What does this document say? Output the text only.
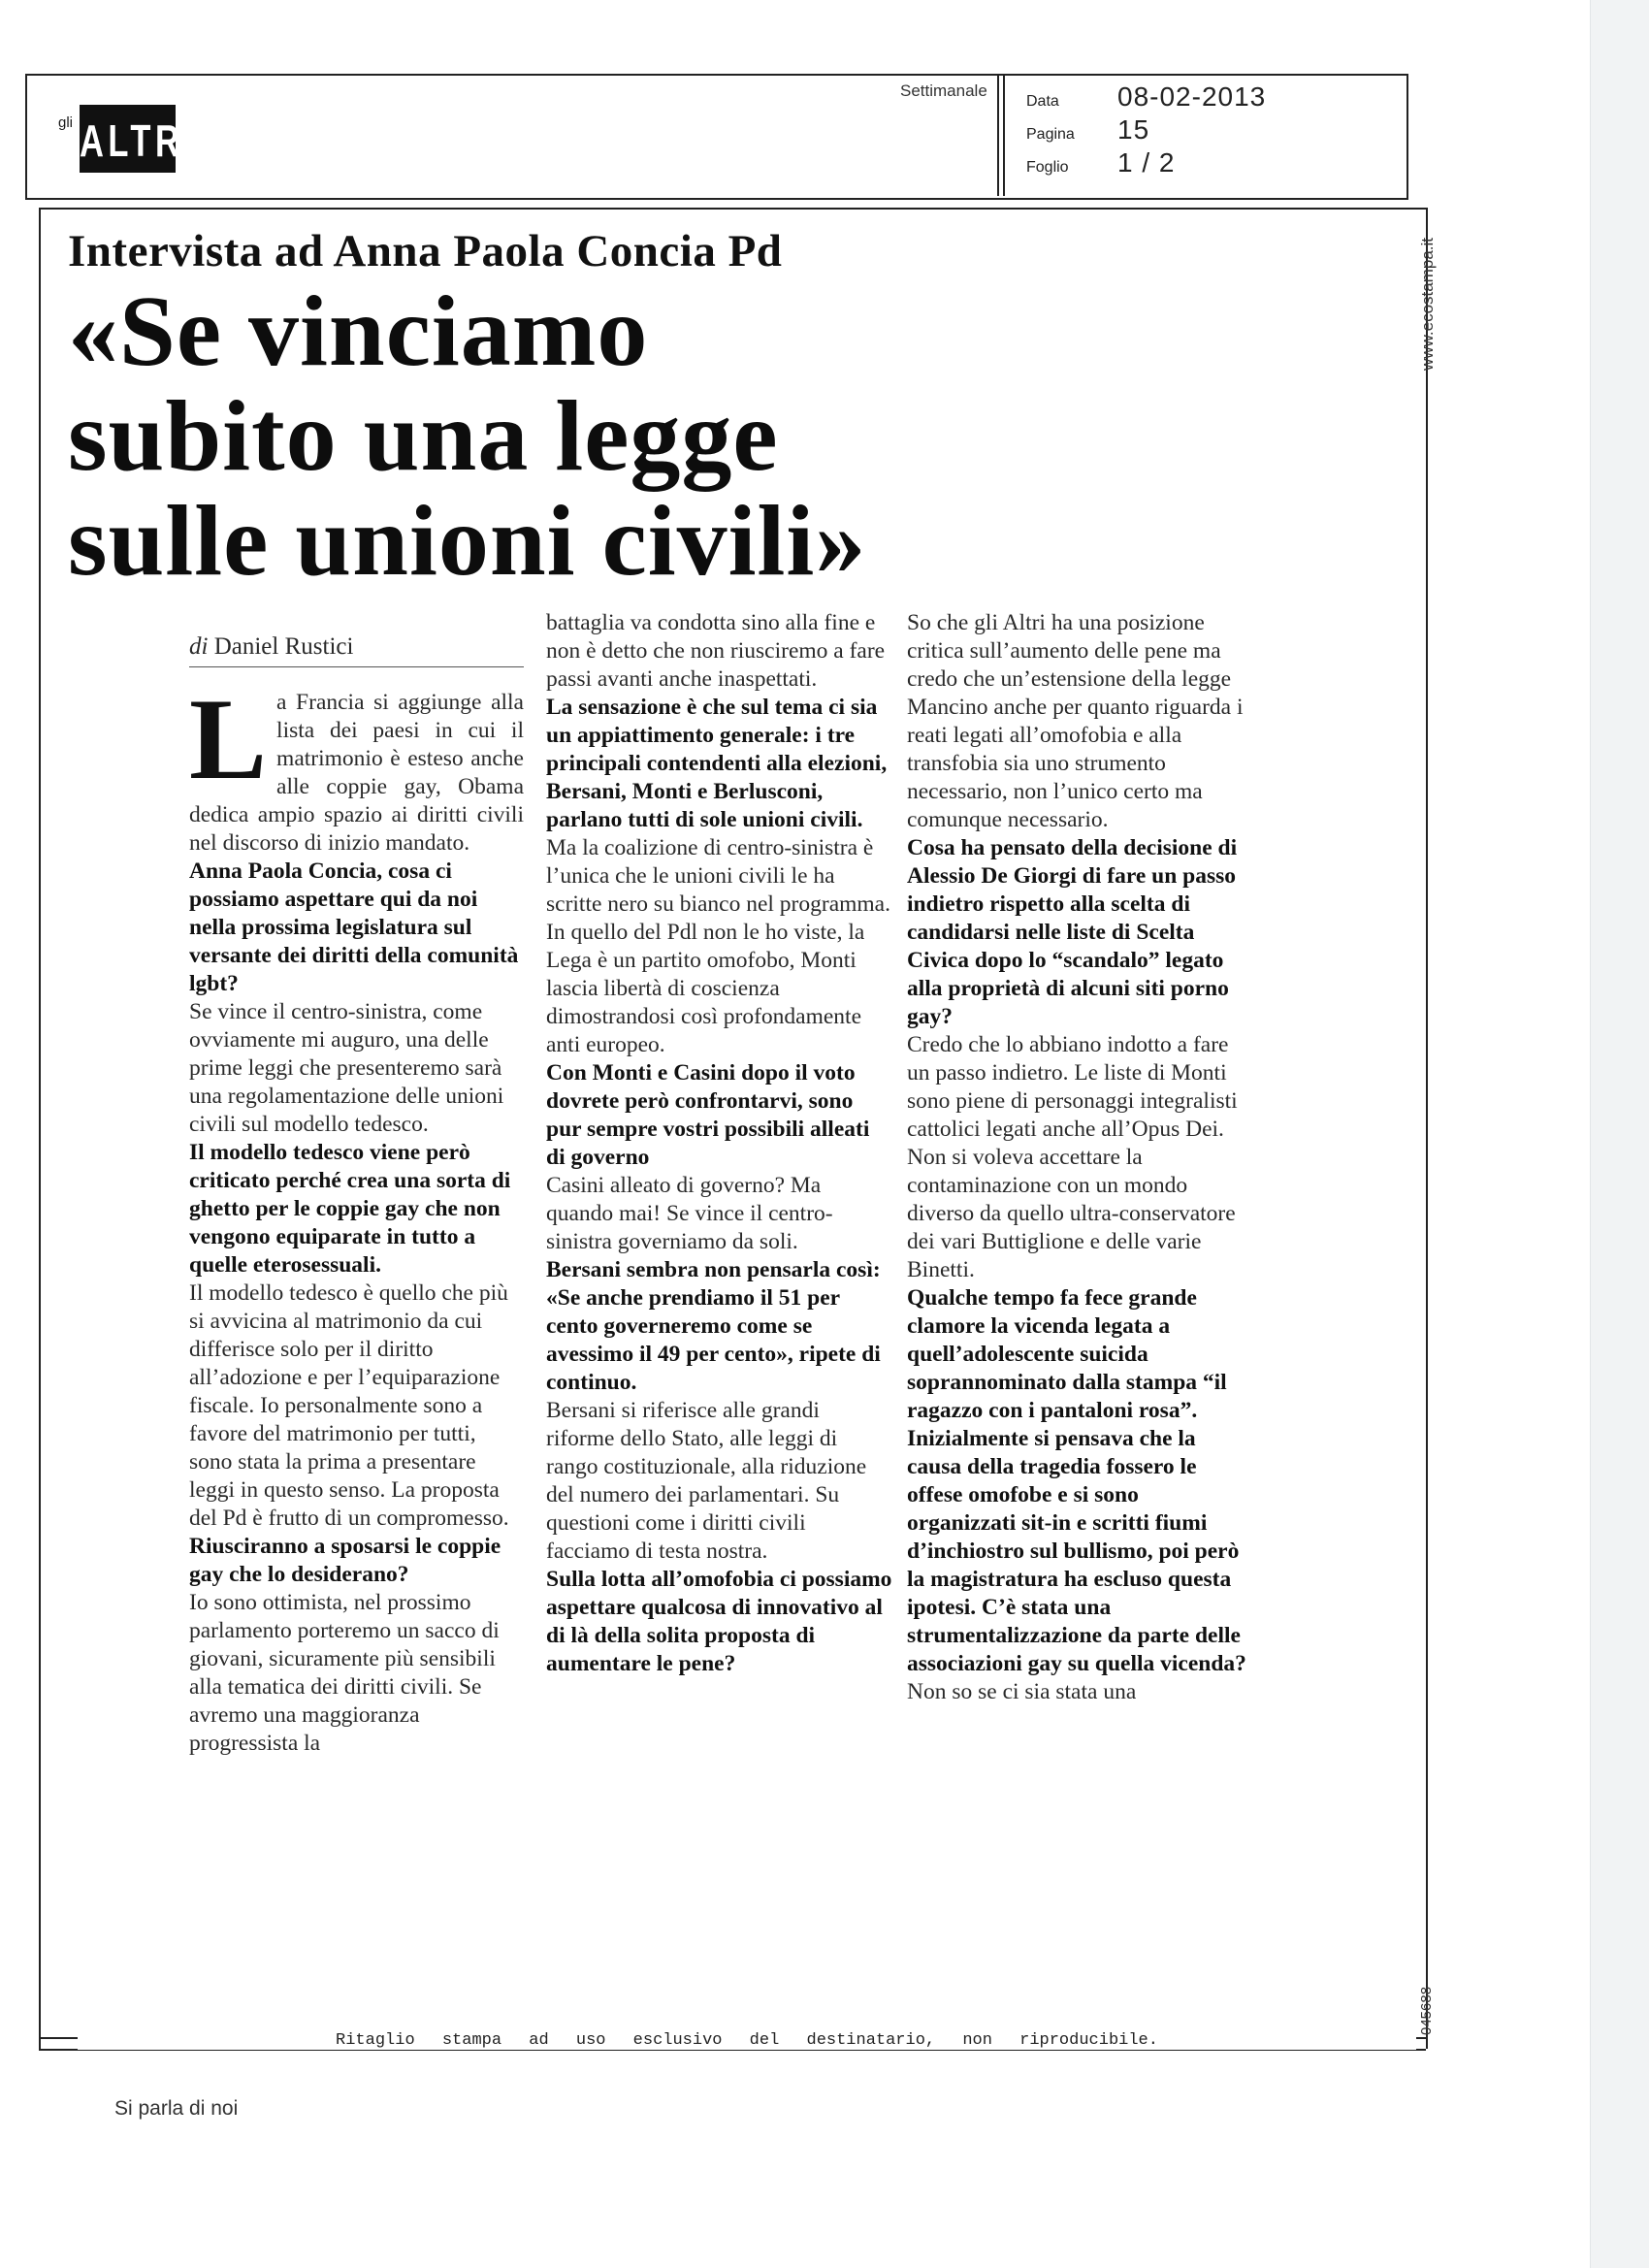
gli ALTRI
Settimanale
Data	08-02-2013
Pagina	15
Foglio	1 / 2
www.ecostampa.it
045688
Intervista ad Anna Paola Concia Pd
«Se vinciamo
subito una legge
sulle unioni civili»
di Daniel Rustici
L a Francia si aggiunge alla lista dei paesi in cui il matrimonio è esteso anche alle coppie gay, Obama dedica ampio spazio ai diritti civili nel discorso di inizio mandato.

Anna Paola Concia, cosa ci possiamo aspettare qui da noi nella prossima legislatura sul versante dei diritti della comunità lgbt?

Se vince il centro-sinistra, come ovviamente mi auguro, una delle prime leggi che presenteremo sarà una regolamentazione delle unioni civili sul modello tedesco.

Il modello tedesco viene però criticato perché crea una sorta di ghetto per le coppie gay che non vengono equiparate in tutto a quelle eterosessuali.

Il modello tedesco è quello che più si avvicina al matrimonio da cui differisce solo per il diritto all’adozione e per l’equiparazione fiscale. Io personalmente sono a favore del matrimonio per tutti, sono stata la prima a presentare leggi in questo senso. La proposta del Pd è frutto di un compromesso.

Riusciranno a sposarsi le coppie gay che lo desiderano?

Io sono ottimista, nel prossimo parlamento porteremo un sacco di giovani, sicuramente più sensibili alla tematica dei diritti civili. Se avremo una maggioranza progressista la

battaglia va condotta sino alla fine e non è detto che non riusciremo a fare passi avanti anche inaspettati.

La sensazione è che sul tema ci sia un appiattimento generale: i tre principali contendenti alla elezioni, Bersani, Monti e Berlusconi, parlano tutti di sole unioni civili.

Ma la coalizione di centro-sinistra è l’unica che le unioni civili le ha scritte nero su bianco nel programma. In quello del Pdl non le ho viste, la Lega è un partito omofobo, Monti lascia libertà di coscienza dimostrandosi così profondamente anti europeo.

Con Monti e Casini dopo il voto dovrete però confrontarvi, sono pur sempre vostri possibili alleati di governo

Casini alleato di governo? Ma quando mai! Se vince il centro-sinistra governiamo da soli.

Bersani sembra non pensarla così: «Se anche prendiamo il 51 per cento governeremo come se avessimo il 49 per cento», ripete di continuo.

Bersani si riferisce alle grandi riforme dello Stato, alle leggi di rango costituzionale, alla riduzione del numero dei parlamentari. Su questioni come i diritti civili facciamo di testa nostra.

Sulla lotta all’omofobia ci possiamo aspettare qualcosa di innovativo al di là della solita proposta di aumentare le pene?

So che gli Altri ha una posizione critica sull’aumento delle pene ma credo che un’estensione della legge Mancino anche per quanto riguarda i reati legati all’omofobia e alla transfobia sia uno strumento necessario, non l’unico certo ma comunque necessario.

Cosa ha pensato della decisione di Alessio De Giorgi di fare un passo indietro rispetto alla scelta di candidarsi nelle liste di Scelta Civica dopo lo “scandalo” legato alla proprietà di alcuni siti porno gay?

Credo che lo abbiano indotto a fare un passo indietro. Le liste di Monti sono piene di personaggi integralisti cattolici legati anche all’Opus Dei. Non si voleva accettare la contaminazione con un mondo diverso da quello ultra-conservatore dei vari Buttiglione e delle varie Binetti.

Qualche tempo fa fece grande clamore la vicenda legata a quell’adolescente suicida soprannominato dalla stampa “il ragazzo con i pantaloni rosa”. Inizialmente si pensava che la causa della tragedia fossero le offese omofobe e si sono organizzati sit-in e scritti fiumi d’inchiostro sul bullismo, poi però la magistratura ha escluso questa ipotesi. C’è stata una strumentalizzazione da parte delle associazioni gay su quella vicenda?

Non so se ci sia stata una

Ritaglio stampa ad uso esclusivo del destinatario, non riproducibile.
Si parla di noi
